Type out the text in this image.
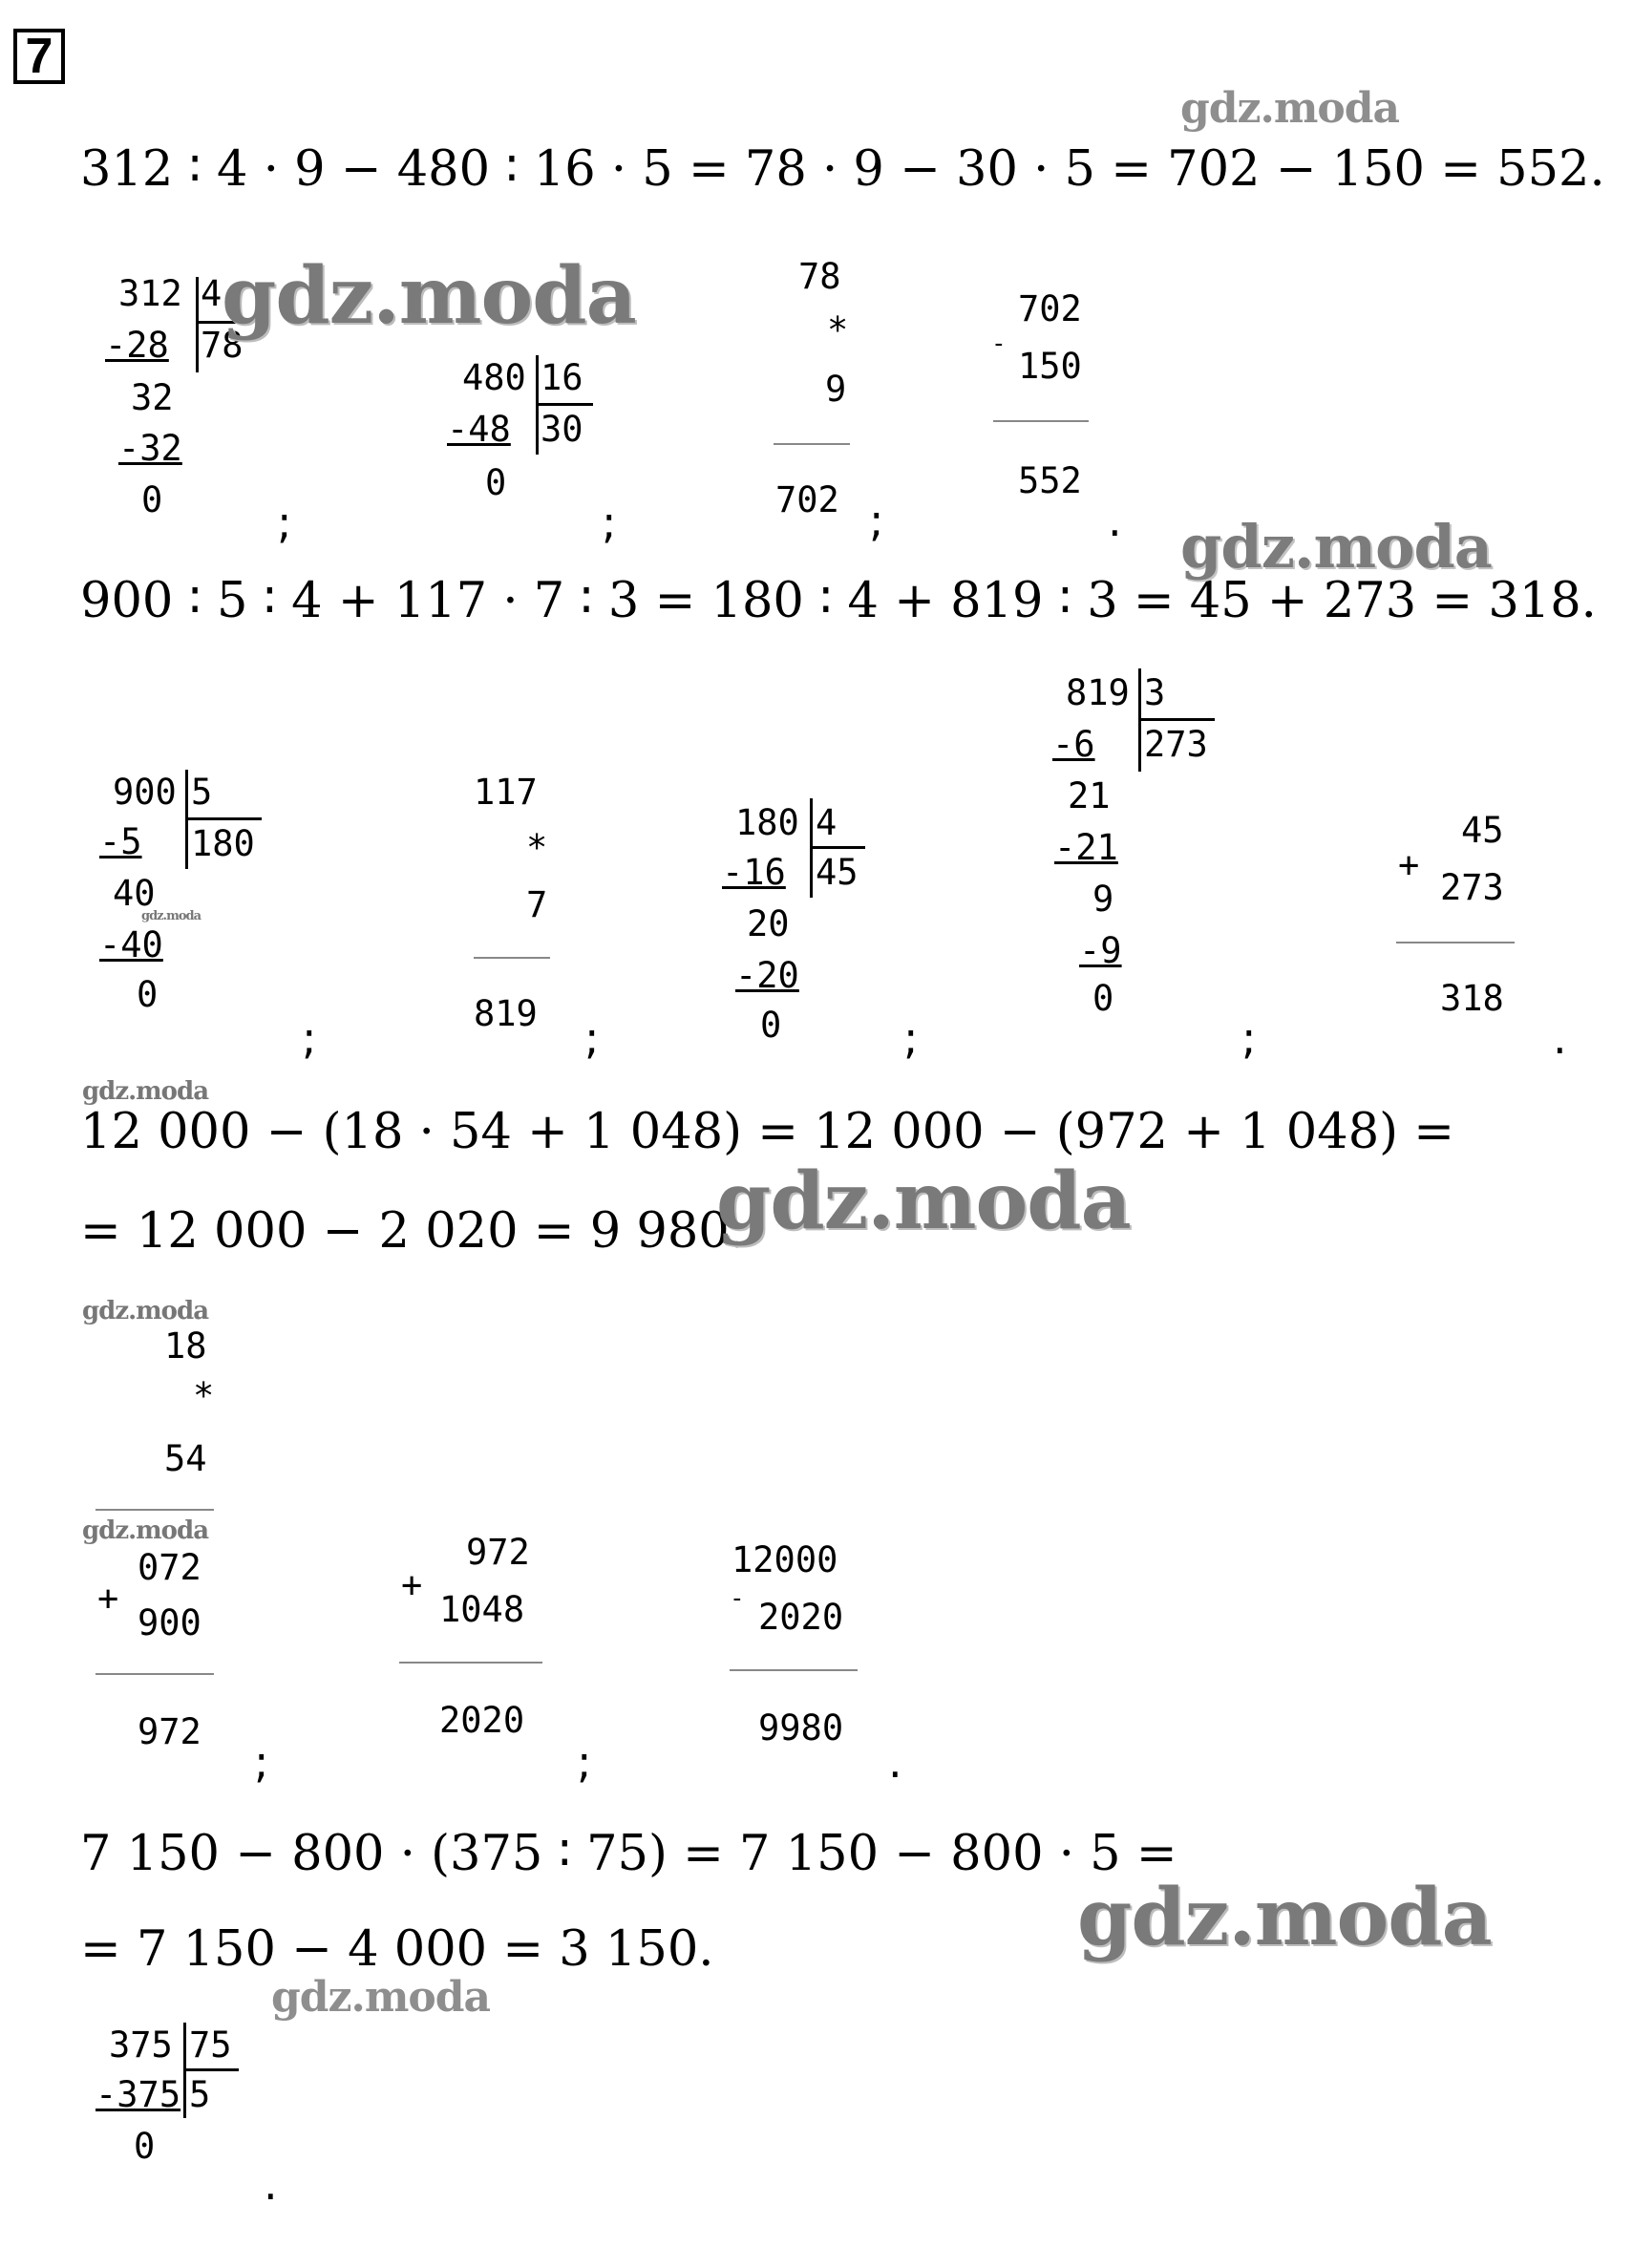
7
312 ∶ 4 · 9 − 480 ∶ 16 · 5 = 78 · 9 − 30 · 5 = 702 − 150 = 552.
312 4
78
-28
32
-32
0	;
480 16
30
-48
0
;
78
*
9
702 ;
-
702
150
552
.
900 ∶ 5 ∶ 4 + 117 · 7 ∶ 3 = 180 ∶ 4 + 819 ∶ 3 = 45 + 273 = 318.
900 5
180
-5
40
-40
0
;
117
*
7
819 ;
180 4
45
-16
20
-20
0	;
819 3
273
-6
21
-21
9
-9
0
;
45
+
273
318
.
12 000 − (18 · 54 + 1 048) = 12 000 − (972 + 1 048) =
= 12 000 − 2 020 = 9 980.
18
*
54
072
+
900
972
;
972
+
1048
2020
;
12000
- 2020
9980
.
7 150 − 800 · (375 ∶ 75) = 7 150 − 800 · 5 =
= 7 150 − 4 000 = 3 150.
375 75
5
-375
0
.
gdz.moda
gdz.moda
gdz.moda
gdz.moda
gdz.moda
gdz.moda
gdz.moda
gdz.moda
gdz.moda
gdz.moda
